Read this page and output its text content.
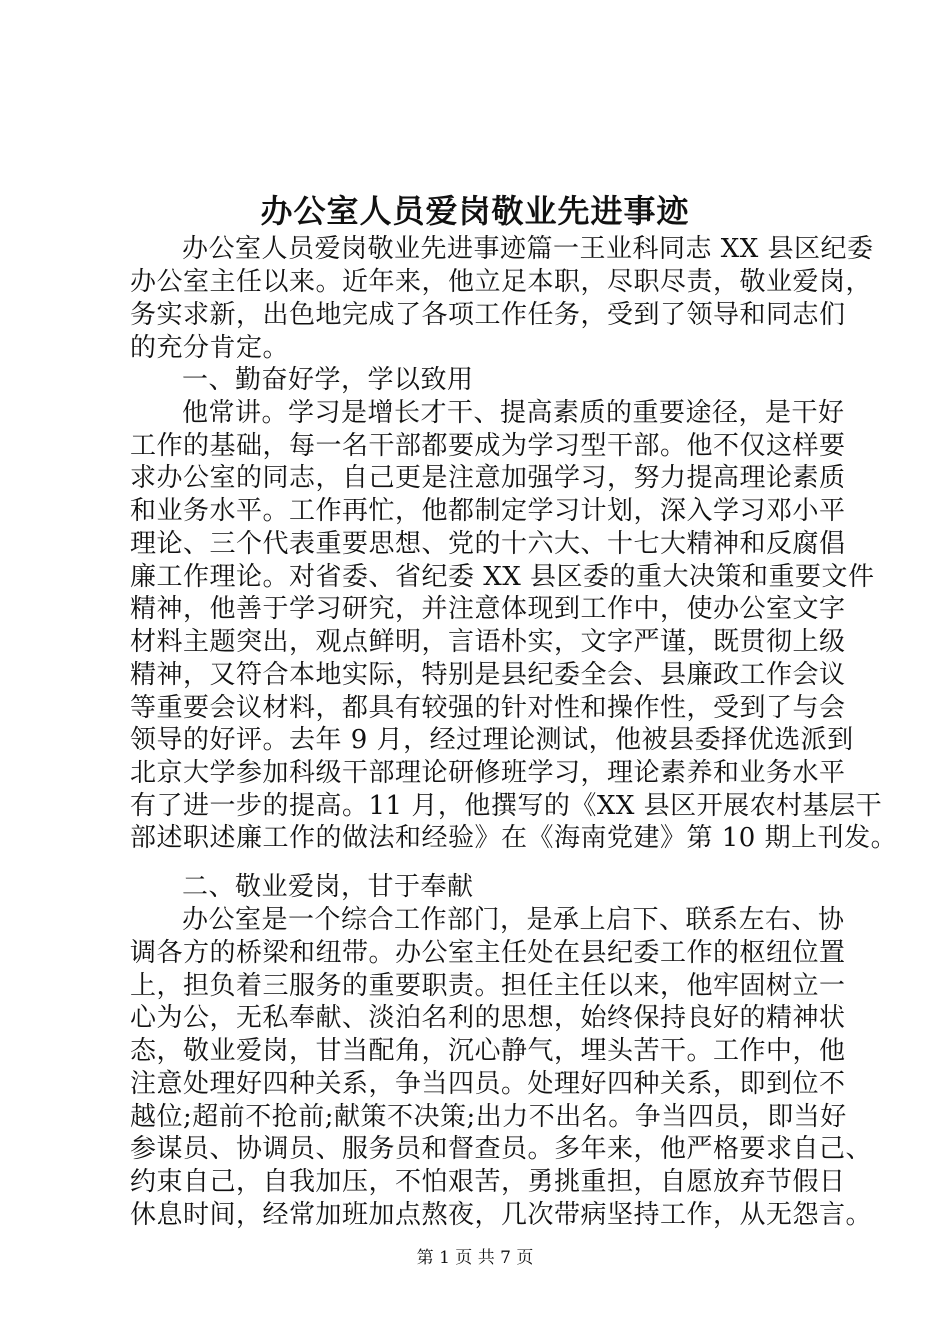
办公室人员爱岗敬业先进事迹
办公室人员爱岗敬业先进事迹篇一王业科同志 XX 县区纪委
办公室主任以来。近年来，他立足本职，尽职尽责，敬业爱岗，
务实求新，出色地完成了各项工作任务，受到了领导和同志们
的充分肯定。
一、勤奋好学，学以致用
他常讲。学习是增长才干、提高素质的重要途径，是干好
工作的基础，每一名干部都要成为学习型干部。他不仅这样要
求办公室的同志，自己更是注意加强学习，努力提高理论素质
和业务水平。工作再忙，他都制定学习计划，深入学习邓小平
理论、三个代表重要思想、党的十六大、十七大精神和反腐倡
廉工作理论。对省委、省纪委 XX 县区委的重大决策和重要文件
精神，他善于学习研究，并注意体现到工作中，使办公室文字
材料主题突出，观点鲜明，言语朴实，文字严谨，既贯彻上级
精神，又符合本地实际，特别是县纪委全会、县廉政工作会议
等重要会议材料，都具有较强的针对性和操作性，受到了与会
领导的好评。去年 9 月，经过理论测试，他被县委择优选派到
北京大学参加科级干部理论研修班学习，理论素养和业务水平
有了进一步的提高。11 月，他撰写的《XX 县区开展农村基层干
部述职述廉工作的做法和经验》在《海南党建》第 10 期上刊发。
二、敬业爱岗，甘于奉献
办公室是一个综合工作部门，是承上启下、联系左右、协
调各方的桥梁和纽带。办公室主任处在县纪委工作的枢纽位置
上，担负着三服务的重要职责。担任主任以来，他牢固树立一
心为公，无私奉献、淡泊名利的思想，始终保持良好的精神状
态，敬业爱岗，甘当配角，沉心静气，埋头苦干。工作中，他
注意处理好四种关系，争当四员。处理好四种关系，即到位不
越位;超前不抢前;献策不决策;出力不出名。争当四员，即当好
参谋员、协调员、服务员和督查员。多年来，他严格要求自己、
约束自己，自我加压，不怕艰苦，勇挑重担，自愿放弃节假日
休息时间，经常加班加点熬夜，几次带病坚持工作，从无怨言。
第 1 页 共 7 页
